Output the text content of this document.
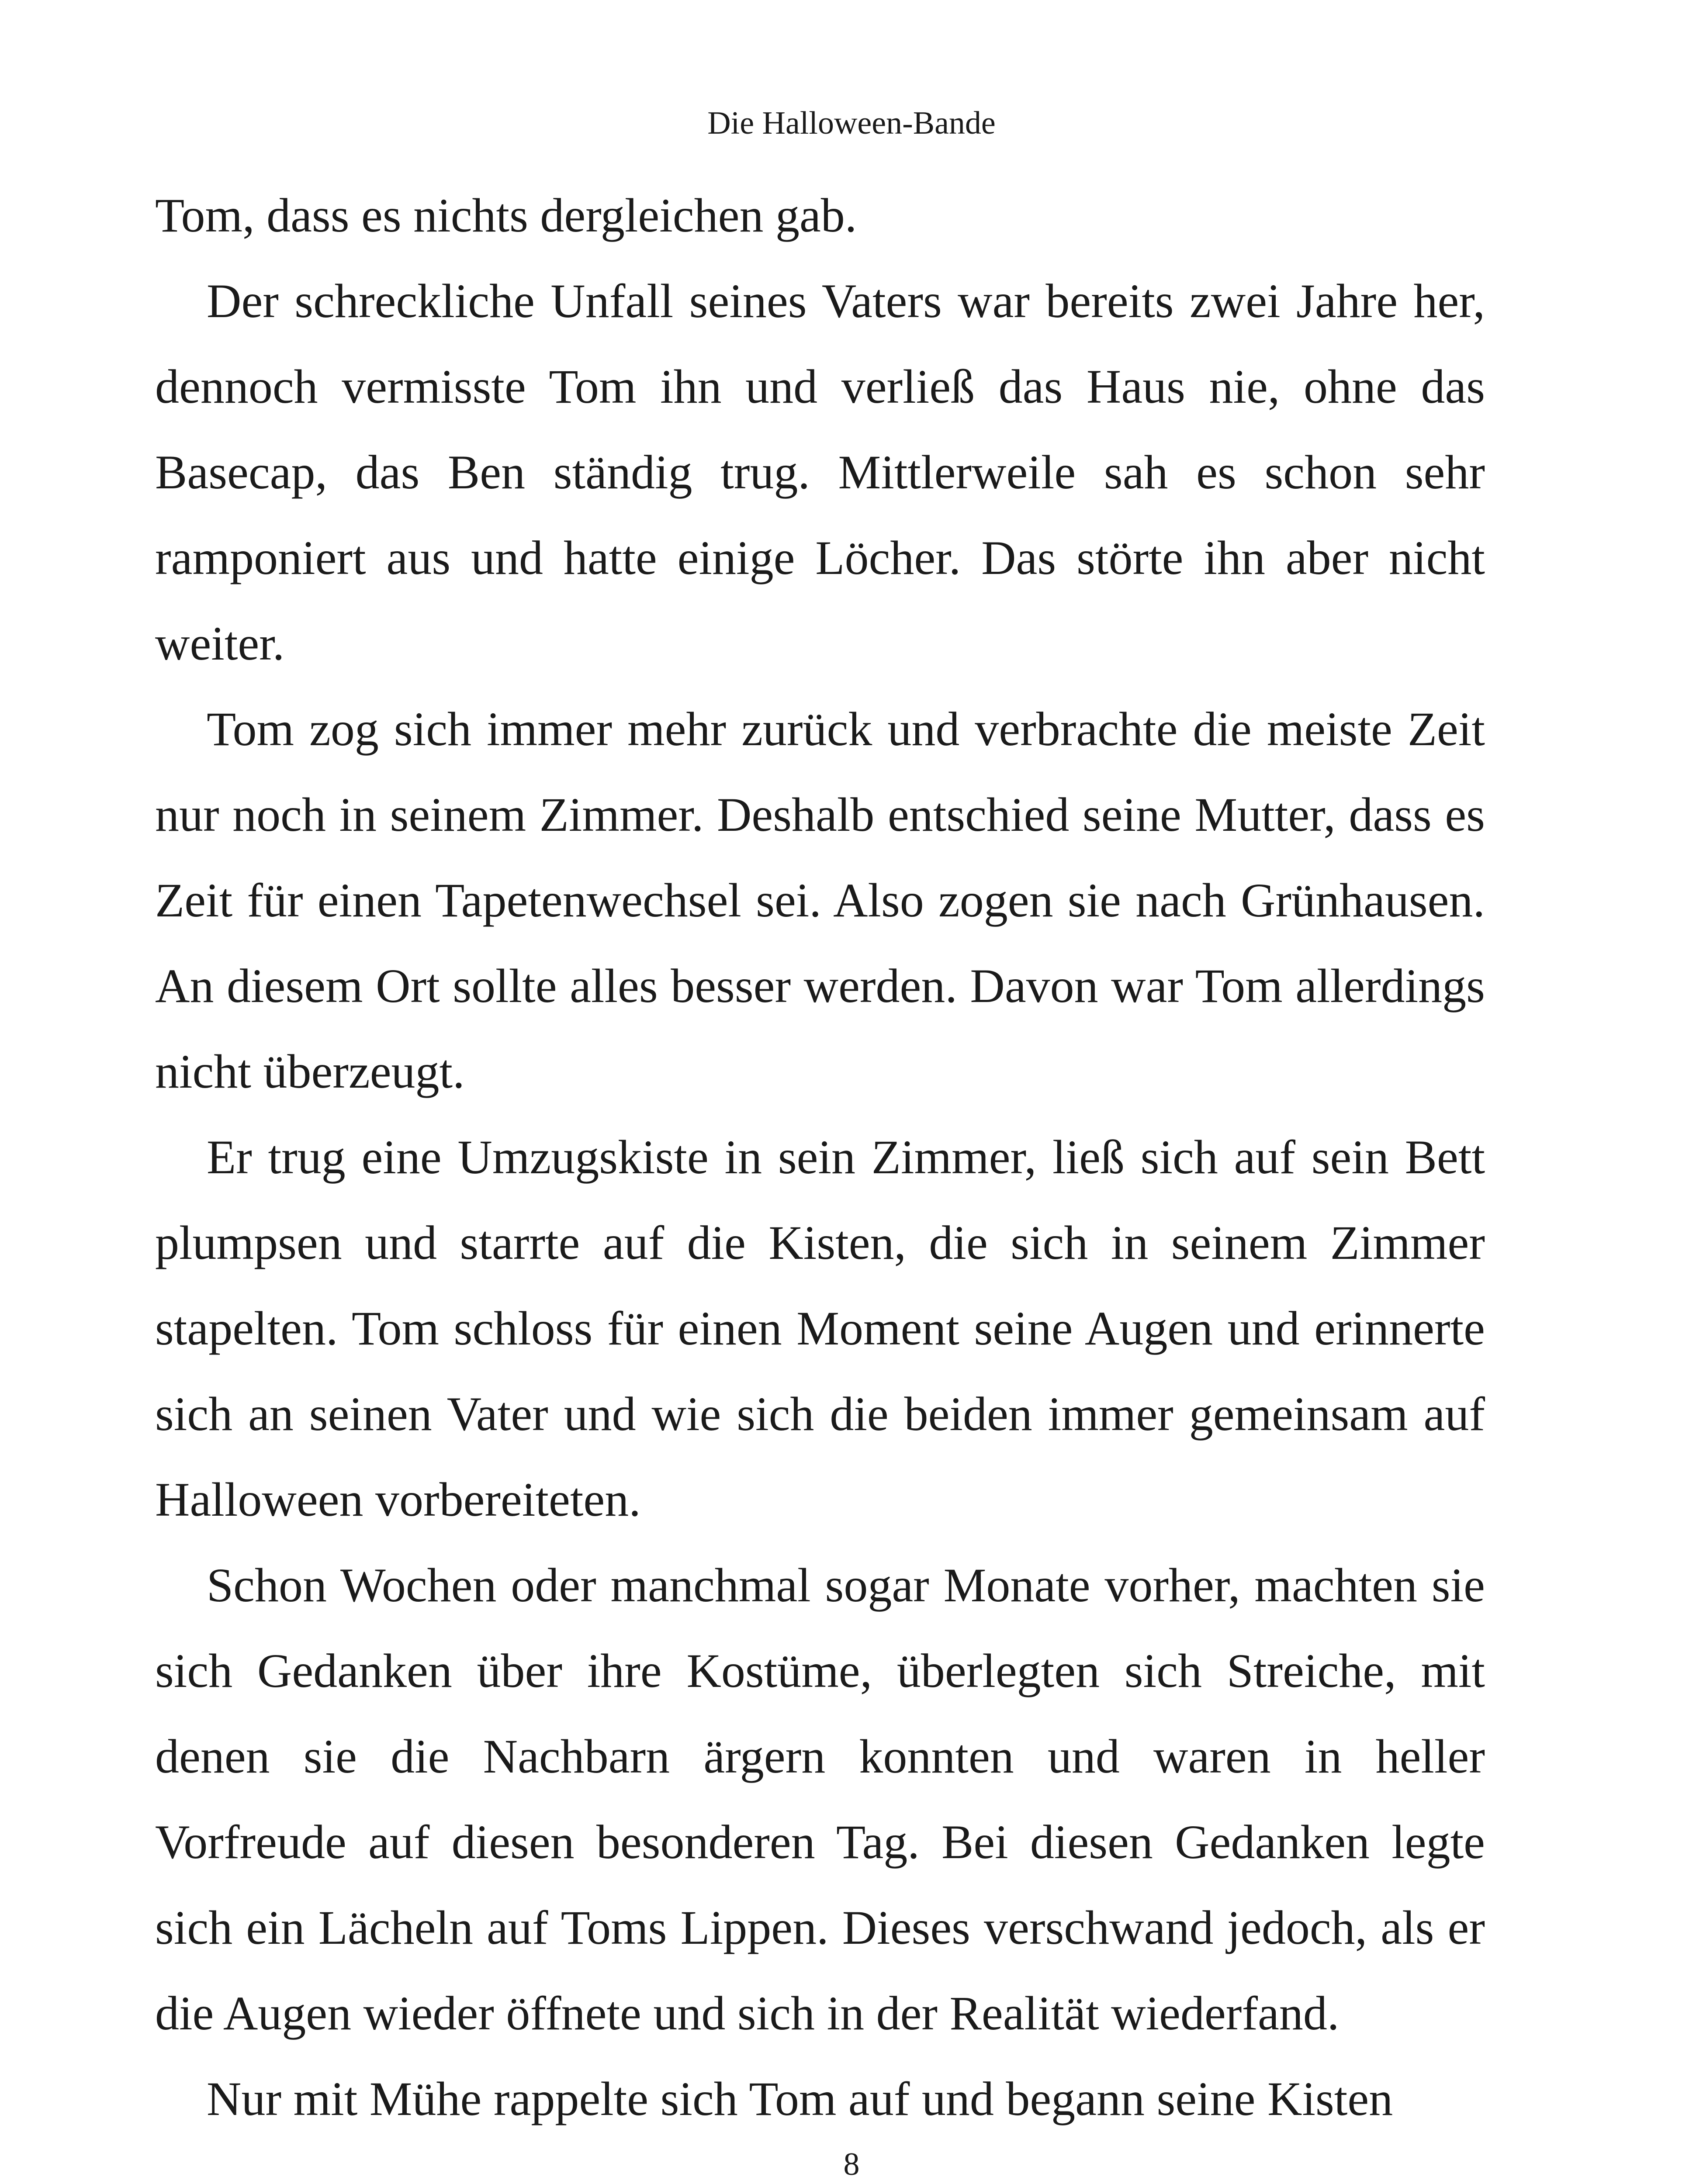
Die Halloween-Bande

Tom, dass es nichts dergleichen gab.

Der schreckliche Unfall seines Vaters war bereits zwei Jahre her, dennoch vermisste Tom ihn und verließ das Haus nie, ohne das Basecap, das Ben ständig trug. Mittlerweile sah es schon sehr ramponiert aus und hatte einige Löcher. Das störte ihn aber nicht weiter.

Tom zog sich immer mehr zurück und verbrachte die meiste Zeit nur noch in seinem Zimmer. Deshalb entschied seine Mutter, dass es Zeit für einen Tapetenwechsel sei. Also zogen sie nach Grünhausen. An diesem Ort sollte alles besser werden. Davon war Tom allerdings nicht überzeugt.

Er trug eine Umzugskiste in sein Zimmer, ließ sich auf sein Bett plumpsen und starrte auf die Kisten, die sich in seinem Zimmer stapelten. Tom schloss für einen Moment seine Augen und erinnerte sich an seinen Vater und wie sich die beiden immer gemeinsam auf Halloween vorbereiteten.

Schon Wochen oder manchmal sogar Monate vorher, machten sie sich Gedanken über ihre Kostüme, überlegten sich Streiche, mit denen sie die Nachbarn ärgern konnten und waren in heller Vorfreude auf diesen besonderen Tag. Bei diesen Gedanken legte sich ein Lächeln auf Toms Lippen. Dieses verschwand jedoch, als er die Augen wieder öffnete und sich in der Realität wiederfand.

Nur mit Mühe rappelte sich Tom auf und begann seine Kisten

8
